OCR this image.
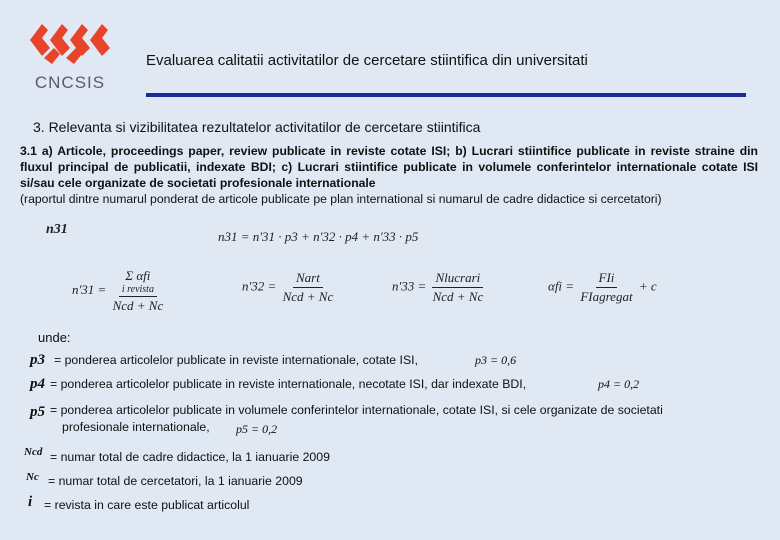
CNCSIS
Evaluarea calitatii activitatilor de cercetare stiintifica din universitati
3. Relevanta si vizibilitatea rezultatelor activitatilor de cercetare stiintifica
3.1 a) Articole, proceedings paper, review publicate in reviste cotate ISI; b) Lucrari stiintifice publicate in reviste straine din fluxul principal de publicatii, indexate BDI; c) Lucrari stiintifice publicate in volumele conferintelor internationale cotate ISI si/sau cele organizate de societati profesionale internationale
(raportul dintre numarul ponderat de articole publicate pe plan international si numarul de cadre didactice si cercetatori)
n31	n31 = n'31 · p3 + n'32 · p4 + n'33 · p5
n'31 = Σ αfi
i revista
Ncd + Nc	$n'32 = \frac{\text{Nart}}{\text{Ncd + Nc}}$	$n'33 = \frac{\text{Nlucrari}}{\text{Ncd + Nc}}$	$\alpha fi = \frac{\text{FIi}}{\text{FIagregat}} + c$
unde:
p3 = ponderea articolelor publicate in reviste internationale, cotate ISI,	p3 = 0,6
p4 = ponderea articolelor publicate in reviste internationale, necotate ISI, dar indexate BDI,	p4 = 0,2
p5 = ponderea articolelor publicate in volumele conferintelor internationale, cotate ISI, si cele organizate de societati
profesionale internationale, p5 = 0,2
Ncd = numar total de cadre didactice, la 1 ianuarie 2009
Nc = numar total de cercetatori, la 1 ianuarie 2009
i = revista in care este publicat articolul
